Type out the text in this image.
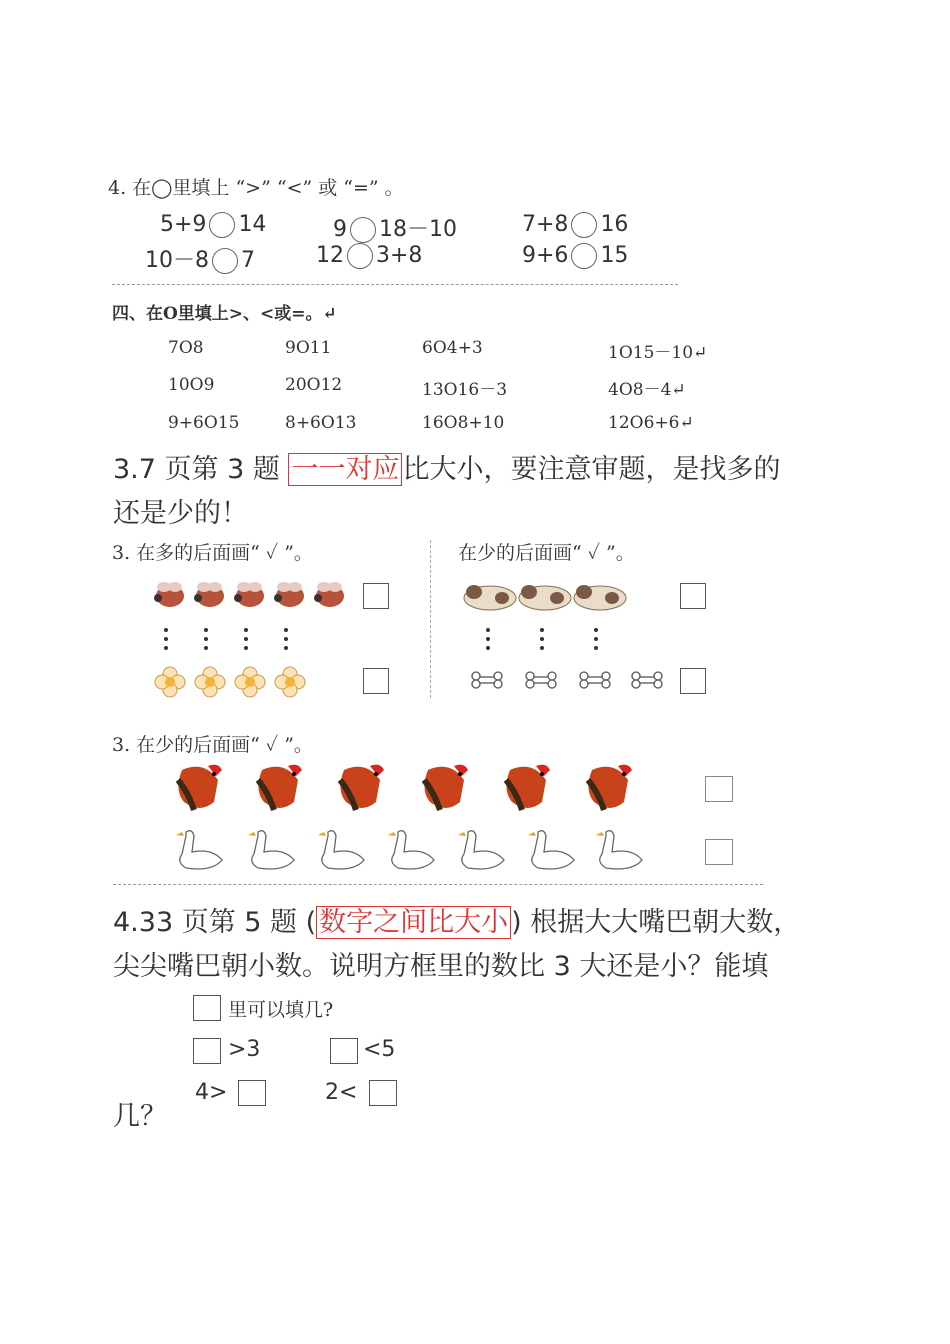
4. 在◯里填上 “>” “<” 或 “=” 。
5+9 14	9 18－10	7+8 16
10－8 7	12 3+8	9+6 15
四、在O里填上>、<或=。↵
7O8	9O11	6O4+3	1O15－10↵
10O9	20O12	13O16－3	4O8－4↵
9+6O15	8+6O13	16O8+10	12O6+6↵
3.7 页第 3 题 一一对应 比大小，要注意审题，是找多的
还是少的！
3. 在多的后面画“ ✓ ”。	在少的后面画“ ✓ ”。
3. 在少的后面画“ ✓ ”。
4.33 页第 5 题 ( 数字之间比大小 ) 根据大大嘴巴朝大数，
尖尖嘴巴朝小数。说明方框里的数比 3 大还是小？能填
里可以填几?
>3	<5
4>	2<
几？
